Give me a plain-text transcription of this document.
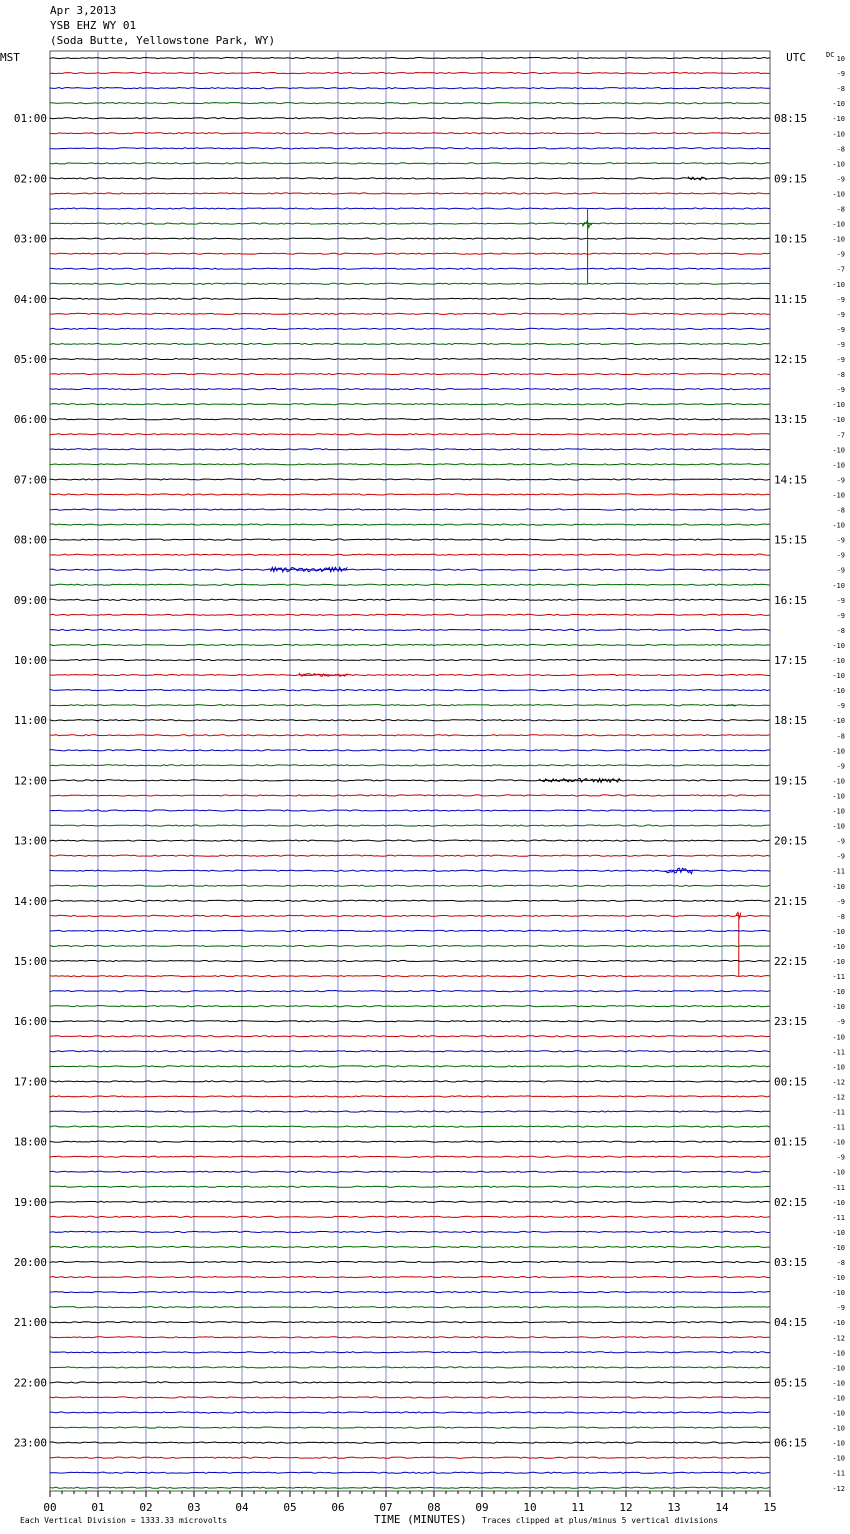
Apr 3,2013
YSB EHZ WY 01
(Soda Butte, Yellowstone Park, WY)
MST	UTC
01:00
02:00
03:00
04:00
05:00
06:00
07:00
08:00
09:00
10:00
11:00
12:00
13:00
14:00
15:00
16:00
17:00
18:00
19:00
20:00
21:00
22:00
23:00
08:15
09:15
10:15
11:15
12:15
13:15
14:15
15:15
16:15
17:15
18:15
19:15
20:15
21:15
22:15
23:15
00:15
01:15
02:15
03:15
04:15
05:15
06:15
DC 10
-9
-8
-10
-10
-10
-8
-10
-9
-10
-8
-10
-10
-9
-7
-10
-9
-9
-9
-9
-9
-8
-9
-10
-10
-7
-10
-10
-9
-10
-8
-10
-9
-9
-9
-10
-9
-9
-8
-10
-10
-10
-10
-9
-10
-8
-10
-9
-10
-10
-10
-10
-9
-9
-11
-10
-9
-8
-10
-10
-10
-11
-10
-10
-9
-10
-11
-10
-12
-12
-11
-11
-10
-9
-10
-11
-10
-11
-10
-10
-8
-10
-10
-9
-10
-12
-10
-10
-10
-10
-10
-10
-10
-10
-11
-12
00	01	02	03	04	05	06	07	08	09	10	11	12	13	14	15
Each Vertical Division = 1333.33 microvolts	TIME (MINUTES) Traces clipped at plus/minus 5 vertical divisions
